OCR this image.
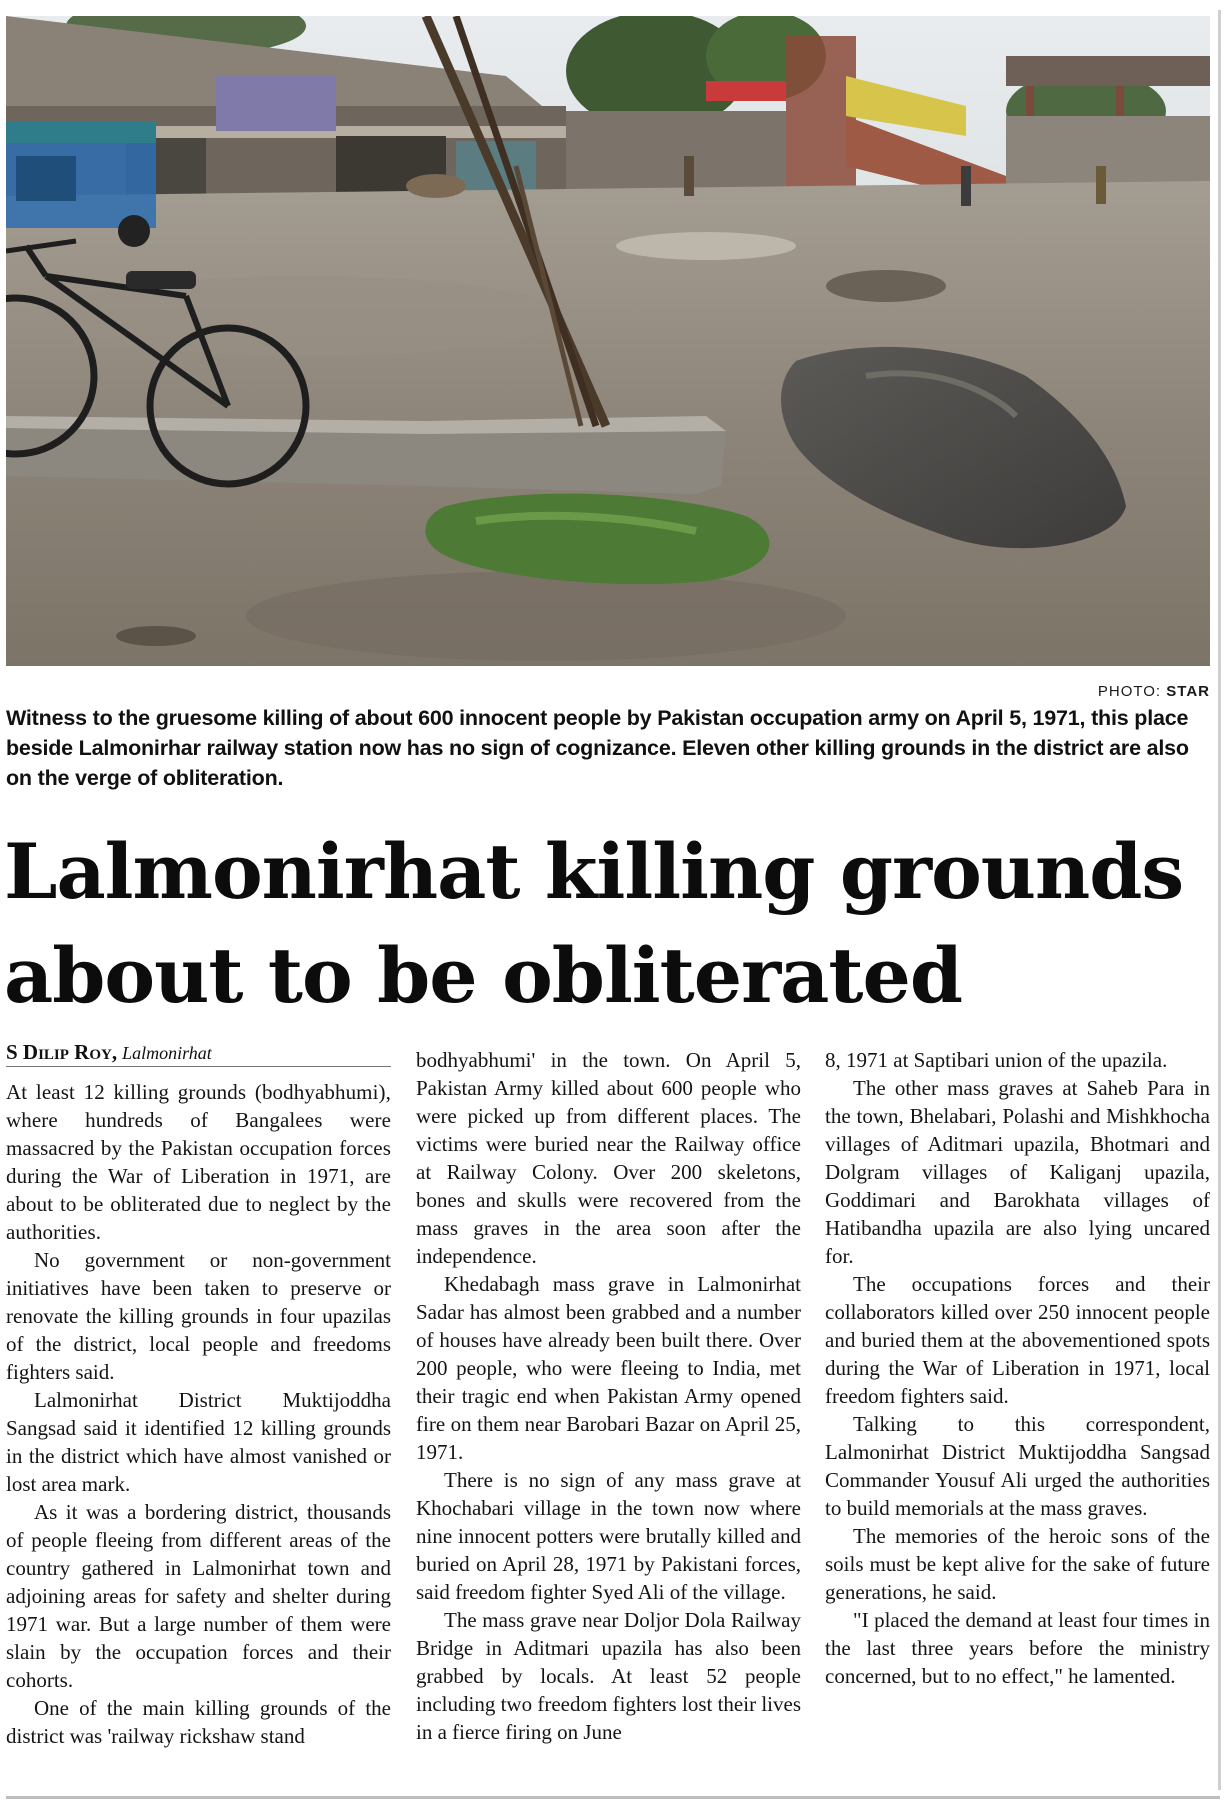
PHOTO: STAR
Witness to the gruesome killing of about 600 innocent people by Pakistan occupation army on April 5, 1971, this place beside Lalmonirhar railway station now has no sign of cognizance. Eleven other killing grounds in the district are also on the verge of obliteration.
Lalmonirhat killing grounds about to be obliterated
S Dilip Roy, Lalmonirhat

At least 12 killing grounds (bodhyabhumi), where hundreds of Bangalees were massacred by the Pakistan occupation forces during the War of Liberation in 1971, are about to be obliterated due to neglect by the authorities.

No government or non-government initiatives have been taken to preserve or renovate the killing grounds in four upazilas of the district, local people and freedoms fighters said.

Lalmonirhat District Muktijoddha Sangsad said it identified 12 killing grounds in the district which have almost vanished or lost area mark.

As it was a bordering district, thousands of people fleeing from different areas of the country gathered in Lalmonirhat town and adjoining areas for safety and shelter during 1971 war. But a large number of them were slain by the occupation forces and their cohorts.

One of the main killing grounds of the district was 'railway rickshaw stand

bodhyabhumi' in the town. On April 5, Pakistan Army killed about 600 people who were picked up from different places. The victims were buried near the Railway office at Railway Colony. Over 200 skeletons, bones and skulls were recovered from the mass graves in the area soon after the independence.

Khedabagh mass grave in Lalmonirhat Sadar has almost been grabbed and a number of houses have already been built there. Over 200 people, who were fleeing to India, met their tragic end when Pakistan Army opened fire on them near Barobari Bazar on April 25, 1971.

There is no sign of any mass grave at Khochabari village in the town now where nine innocent potters were brutally killed and buried on April 28, 1971 by Pakistani forces, said freedom fighter Syed Ali of the village.

The mass grave near Doljor Dola Railway Bridge in Aditmari upazila has also been grabbed by locals. At least 52 people including two freedom fighters lost their lives in a fierce firing on June

8, 1971 at Saptibari union of the upazila.

The other mass graves at Saheb Para in the town, Bhelabari, Polashi and Mishkhocha villages of Aditmari upazila, Bhotmari and Dolgram villages of Kaliganj upazila, Goddimari and Barokhata villages of Hatibandha upazila are also lying uncared for.

The occupations forces and their collaborators killed over 250 innocent people and buried them at the abovementioned spots during the War of Liberation in 1971, local freedom fighters said.

Talking to this correspondent, Lalmonirhat District Muktijoddha Sangsad Commander Yousuf Ali urged the authorities to build memorials at the mass graves.

The memories of the heroic sons of the soils must be kept alive for the sake of future generations, he said.

"I placed the demand at least four times in the last three years before the ministry concerned, but to no effect," he lamented.
